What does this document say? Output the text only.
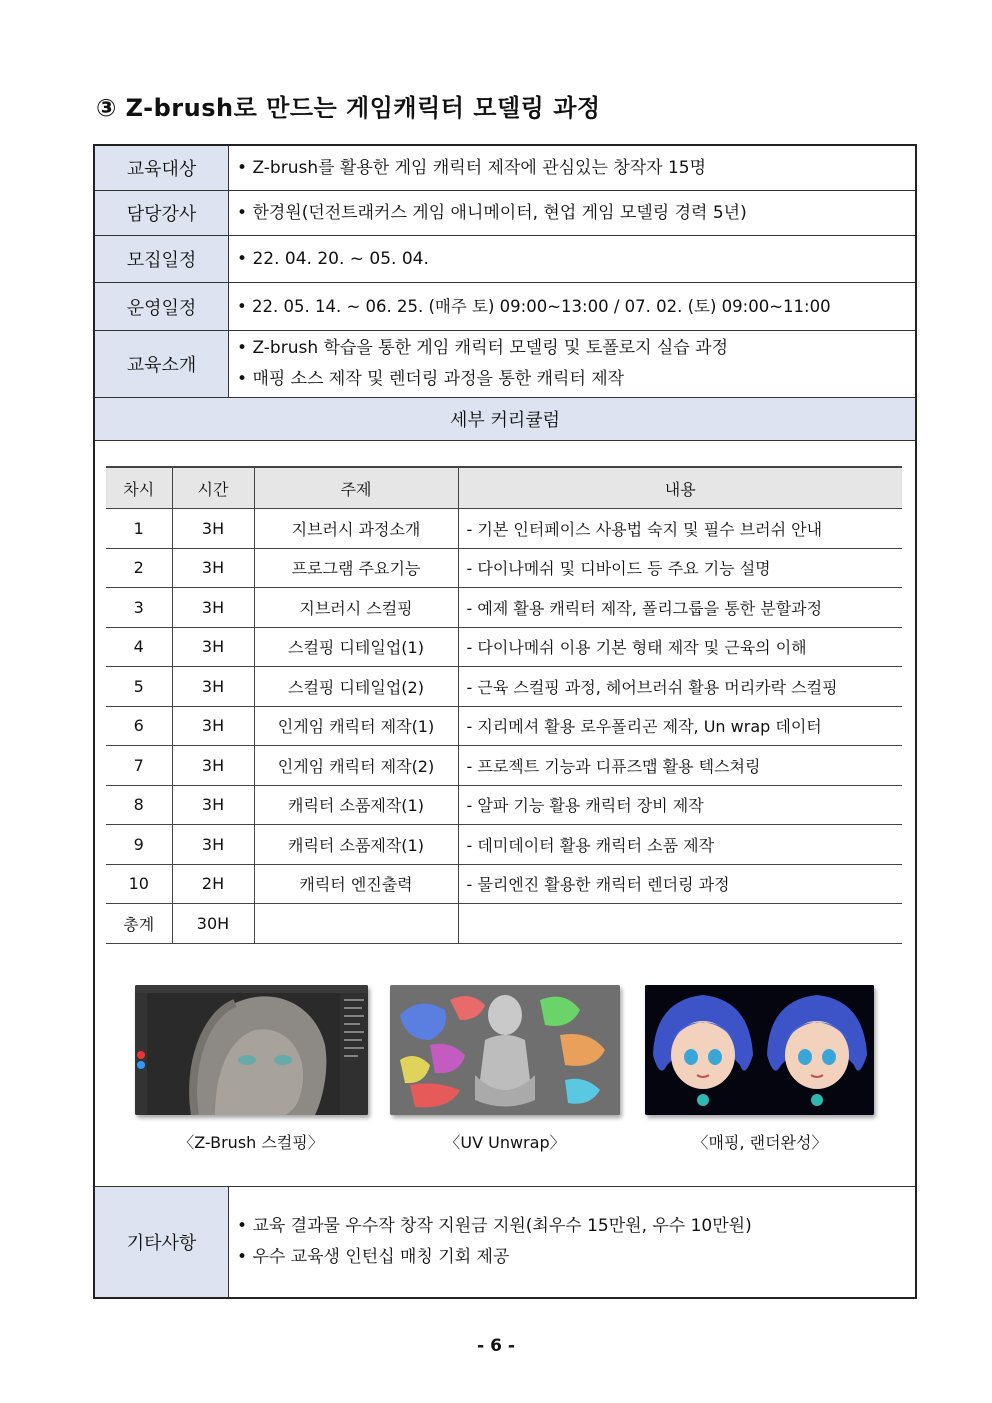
③ Z-brush로 만드는 게임캐릭터 모델링 과정
교육대상	• Z-brush를 활용한 게임 캐릭터 제작에 관심있는 창작자 15명
담당강사	• 한경원(던전트래커스 게임 애니메이터, 현업 게임 모델링 경력 5년)
모집일정	• 22. 04. 20. ~ 05. 04.
운영일정	• 22. 05. 14. ~ 06. 25. (매주 토) 09:00~13:00 / 07. 02. (토) 09:00~11:00
교육소개
• Z-brush 학습을 통한 게임 캐릭터 모델링 및 토폴로지 실습 과정
• 매핑 소스 제작 및 렌더링 과정을 통한 캐릭터 제작
세부 커리큘럼
차시	시간	주제	내용
1	3H	지브러시 과정소개	- 기본 인터페이스 사용법 숙지 및 필수 브러쉬 안내
2	3H	프로그램 주요기능	- 다이나메쉬 및 디바이드 등 주요 기능 설명
3	3H	지브러시 스컬핑	- 예제 활용 캐릭터 제작, 폴리그룹을 통한 분할과정
4	3H	스컬핑 디테일업(1)	- 다이나메쉬 이용 기본 형태 제작 및 근육의 이해
5	3H	스컬핑 디테일업(2)	- 근육 스컬핑 과정, 헤어브러쉬 활용 머리카락 스컬핑
6	3H	인게임 캐릭터 제작(1)	- 지리메셔 활용 로우폴리곤 제작, Un wrap 데이터
7	3H	인게임 캐릭터 제작(2)	- 프로젝트 기능과 디퓨즈맵 활용 텍스쳐링
8	3H	캐릭터 소품제작(1)	- 알파 기능 활용 캐릭터 장비 제작
9	3H	캐릭터 소품제작(1)	- 데미데이터 활용 캐릭터 소품 제작
10	2H	캐릭터 엔진출력	- 물리엔진 활용한 캐릭터 렌더링 과정
총계	30H		
〈Z-Brush 스컬핑〉	〈UV Unwrap〉	〈매핑, 랜더완성〉
기타사항
• 교육 결과물 우수작 창작 지원금 지원(최우수 15만원, 우수 10만원)
• 우수 교육생 인턴십 매칭 기회 제공
- 6 -
